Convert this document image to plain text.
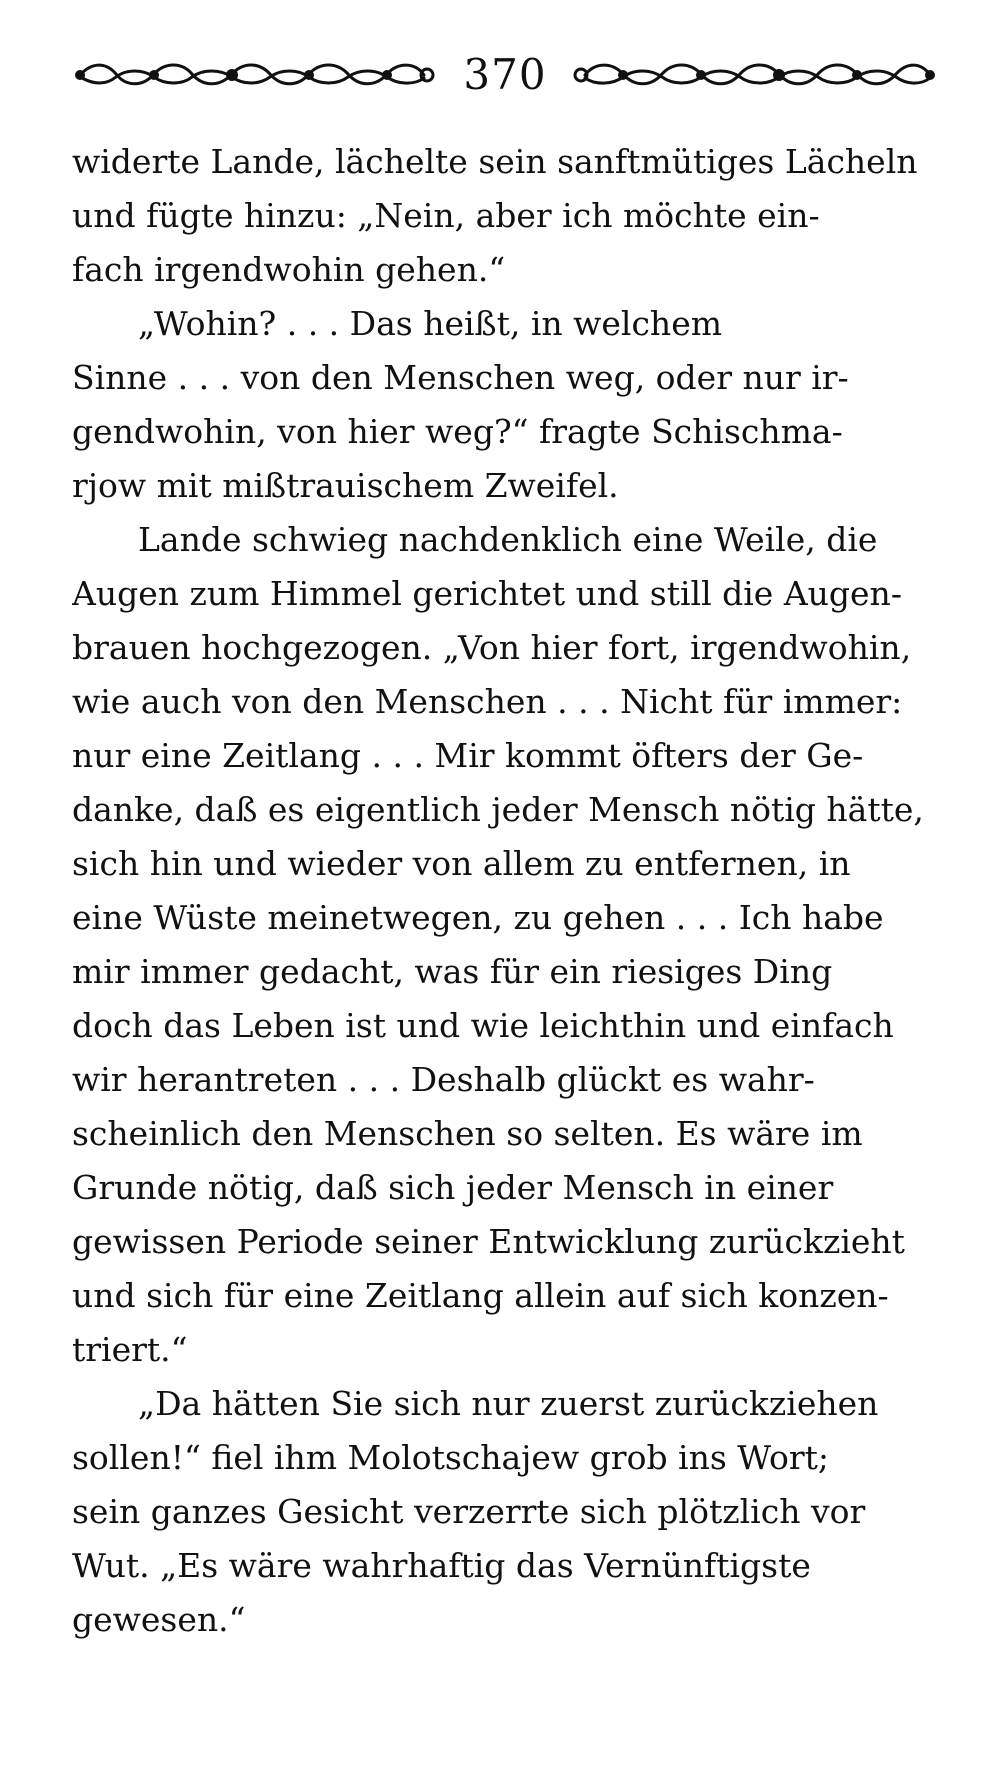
370
widerte Lande, lächelte sein sanftmütiges Lächeln
und fügte hinzu: „Nein, aber ich möchte ein-
fach irgendwohin gehen.“
„Wohin? . . . Das heißt, in welchem
Sinne . . . von den Menschen weg, oder nur ir-
gendwohin, von hier weg?“ fragte Schischma-
rjow mit mißtrauischem Zweifel.
Lande schwieg nachdenklich eine Weile, die
Augen zum Himmel gerichtet und still die Augen-
brauen hochgezogen. „Von hier fort, irgendwohin,
wie auch von den Menschen . . . Nicht für immer:
nur eine Zeitlang . . . Mir kommt öfters der Ge-
danke, daß es eigentlich jeder Mensch nötig hätte,
sich hin und wieder von allem zu entfernen, in
eine Wüste meinetwegen, zu gehen . . . Ich habe
mir immer gedacht, was für ein riesiges Ding
doch das Leben ist und wie leichthin und einfach
wir herantreten . . . Deshalb glückt es wahr-
scheinlich den Menschen so selten. Es wäre im
Grunde nötig, daß sich jeder Mensch in einer
gewissen Periode seiner Entwicklung zurückzieht
und sich für eine Zeitlang allein auf sich konzen-
triert.“
„Da hätten Sie sich nur zuerst zurückziehen
sollen!“ fiel ihm Molotschajew grob ins Wort;
sein ganzes Gesicht verzerrte sich plötzlich vor
Wut. „Es wäre wahrhaftig das Vernünftigste
gewesen.“
